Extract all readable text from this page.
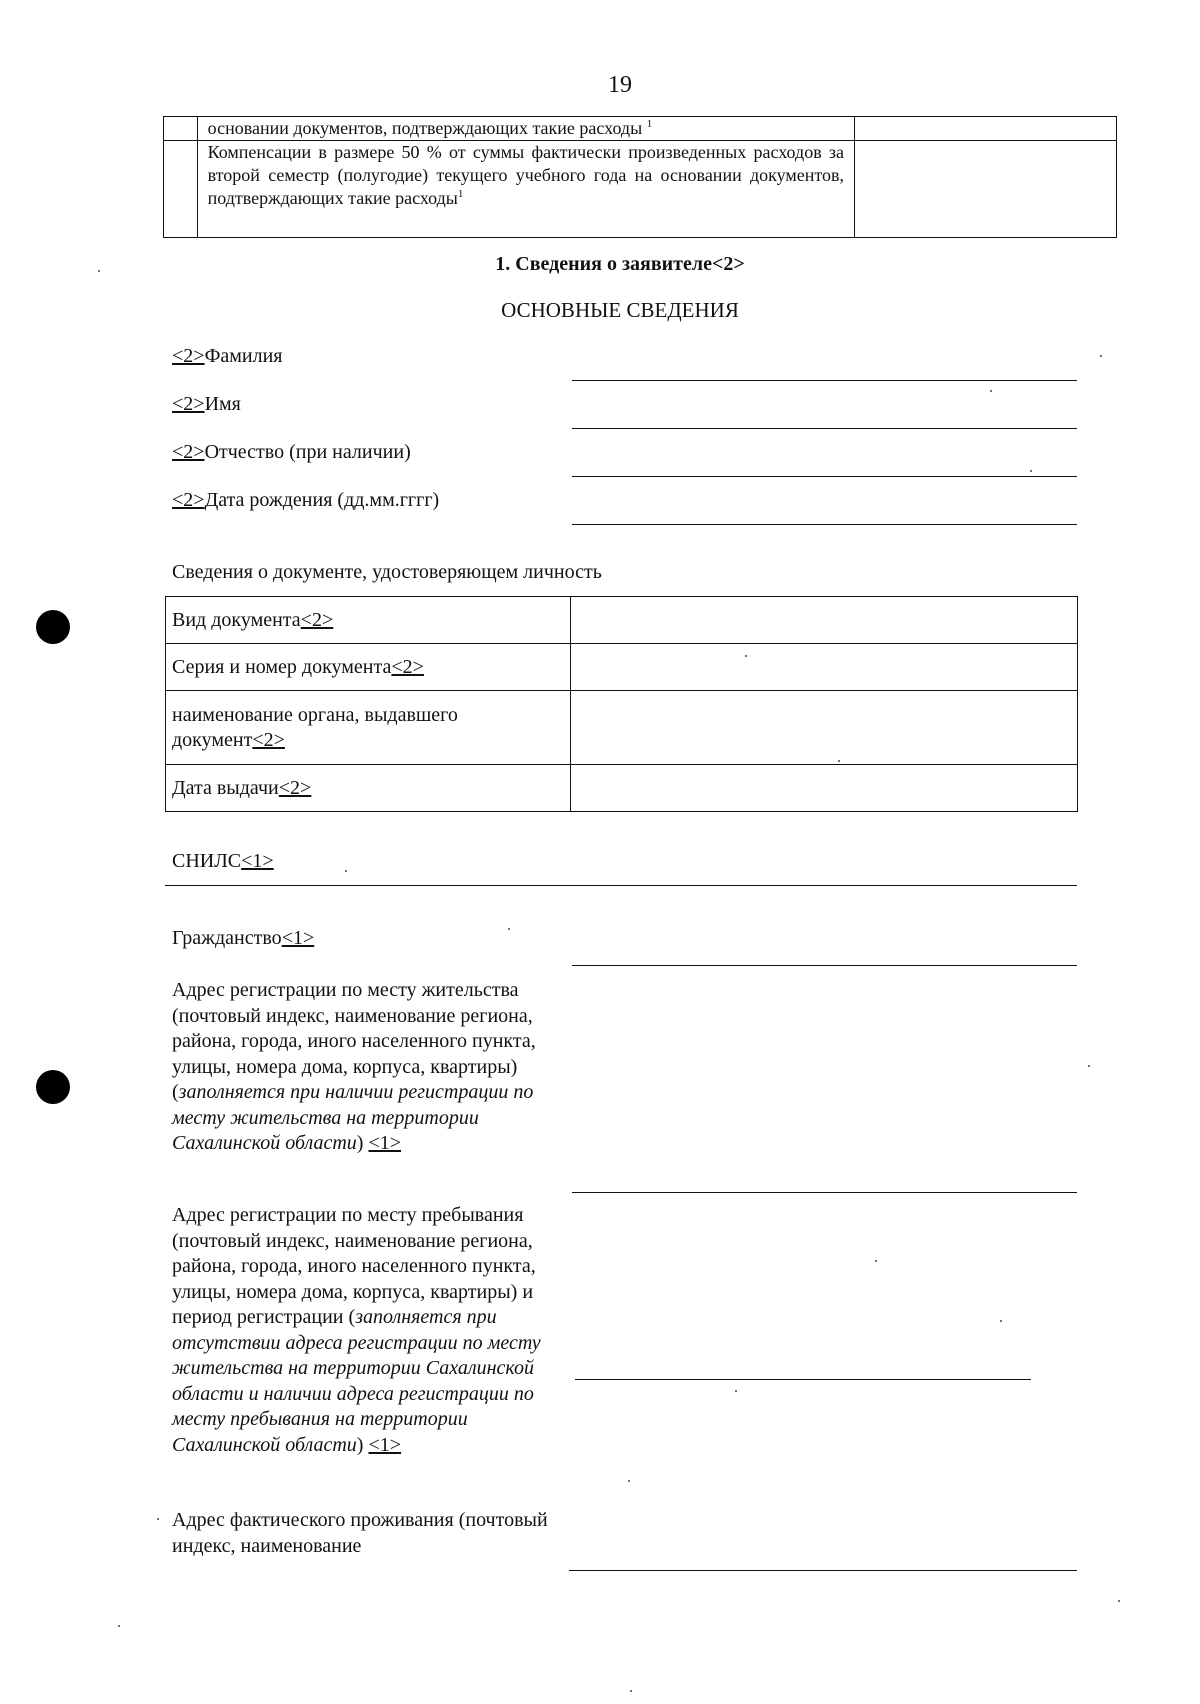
19
	основании документов, подтверждающих такие расходы $^1$	
	Компенсации в размере 50 % от суммы фактически произведенных расходов за второй семестр (полугодие) текущего учебного года на основании документов, подтверждающих такие расходы$^1$	
1. Сведения о заявителе<2>
ОСНОВНЫЕ СВЕДЕНИЯ
<2>Фамилия
<2>Имя
<2>Отчество (при наличии)
<2>Дата рождения (дд.мм.гггг)
Сведения о документе, удостоверяющем личность
Вид документа<2>	
Серия и номер документа<2>	
наименование органа, выдавшего документ<2>	
Дата выдачи<2>	
СНИЛС<1>
Гражданство<1>
Адрес регистрации по месту жительства (почтовый индекс, наименование региона, района, города, иного населенного пункта, улицы, номера дома, корпуса, квартиры) (заполняется при наличии регистрации по месту жительства на территории Сахалинской области) <1>
Адрес регистрации по месту пребывания (почтовый индекс, наименование региона, района, города, иного населенного пункта, улицы, номера дома, корпуса, квартиры) и период регистрации (заполняется при отсутствии адреса регистрации по месту жительства на территории Сахалинской области и наличии адреса регистрации по месту пребывания на территории Сахалинской области) <1>
Адрес фактического проживания (почтовый индекс, наименование
